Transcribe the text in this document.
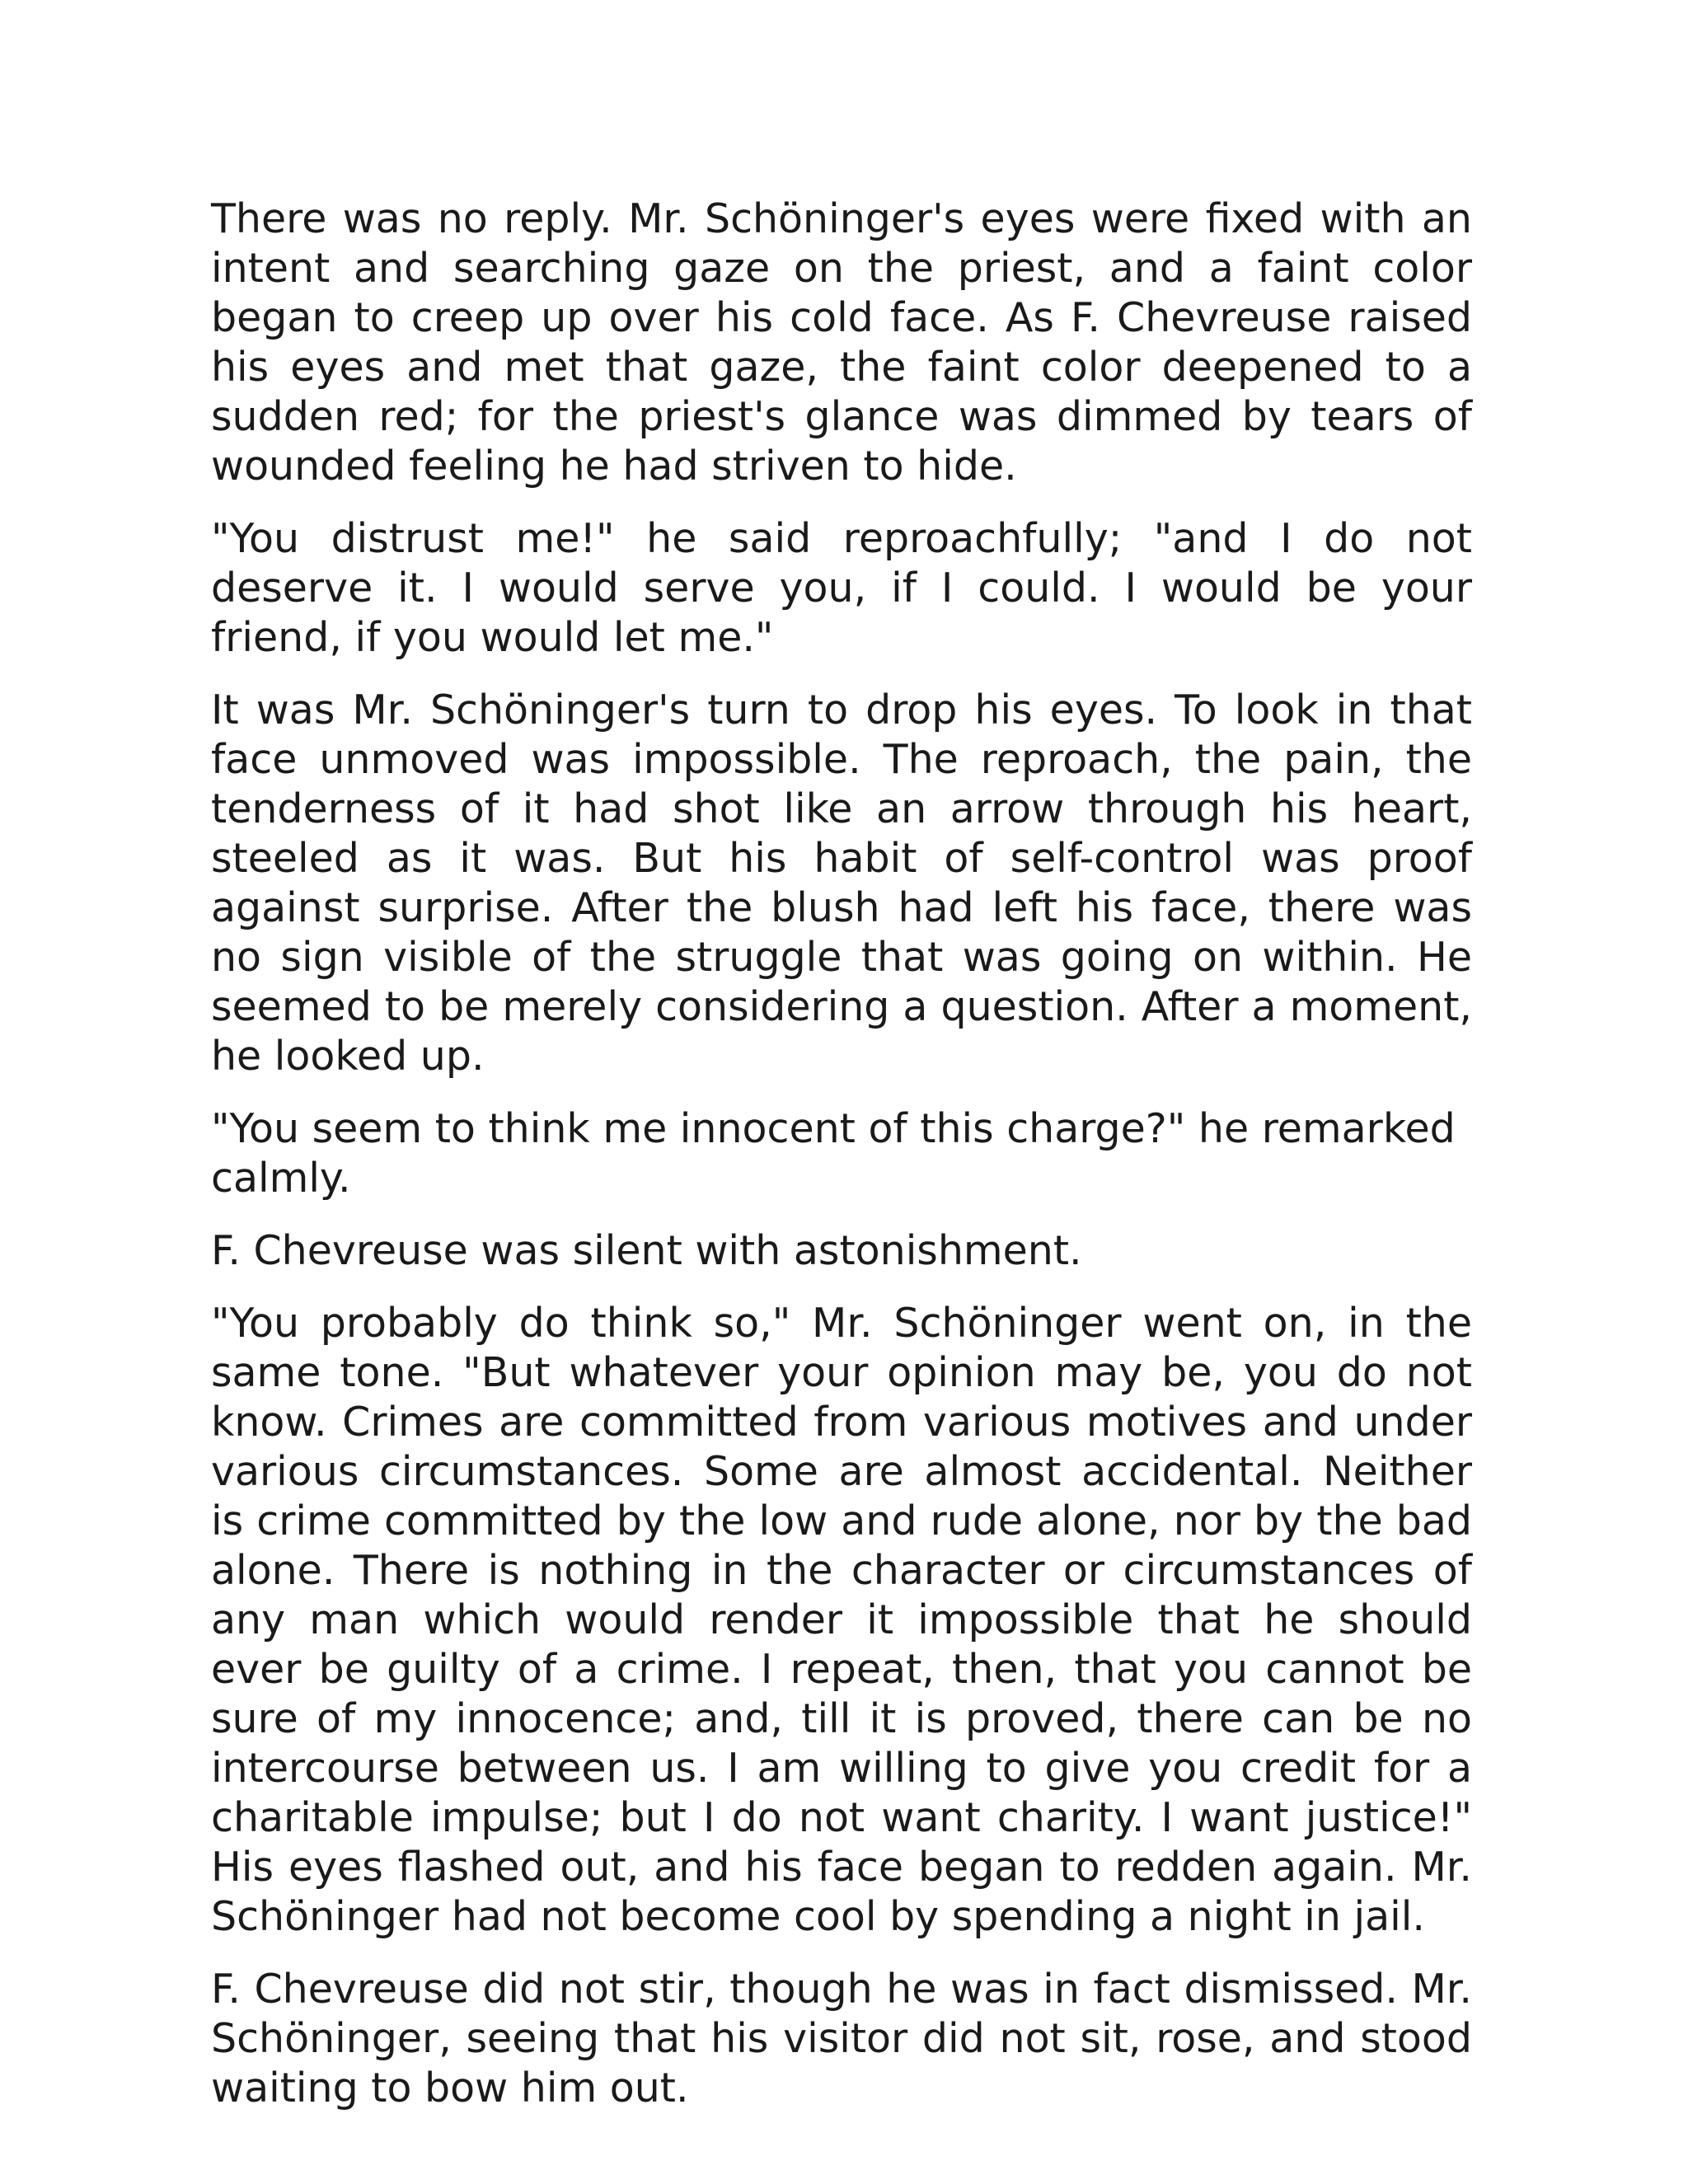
There was no reply. Mr. Schöninger's eyes were fixed with an intent and searching gaze on the priest, and a faint color began to creep up over his cold face. As F. Chevreuse raised his eyes and met that gaze, the faint color deepened to a sudden red; for the priest's glance was dimmed by tears of wounded feeling he had striven to hide.

"You distrust me!" he said reproachfully; "and I do not deserve it. I would serve you, if I could. I would be your friend, if you would let me."

It was Mr. Schöninger's turn to drop his eyes. To look in that face unmoved was impossible. The reproach, the pain, the tenderness of it had shot like an arrow through his heart, steeled as it was. But his habit of self-control was proof against surprise. After the blush had left his face, there was no sign visible of the struggle that was going on within. He seemed to be merely considering a question. After a moment, he looked up.

"You seem to think me innocent of this charge?" he remarked calmly.

F. Chevreuse was silent with astonishment.

"You probably do think so," Mr. Schöninger went on, in the same tone. "But whatever your opinion may be, you do not know. Crimes are committed from various motives and under various circumstances. Some are almost accidental. Neither is crime committed by the low and rude alone, nor by the bad alone. There is nothing in the character or circumstances of any man which would render it impossible that he should ever be guilty of a crime. I repeat, then, that you cannot be sure of my innocence; and, till it is proved, there can be no intercourse between us. I am willing to give you credit for a charitable impulse; but I do not want charity. I want justice!" His eyes flashed out, and his face began to redden again. Mr. Schöninger had not become cool by spending a night in jail.

F. Chevreuse did not stir, though he was in fact dismissed. Mr. Schöninger, seeing that his visitor did not sit, rose, and stood waiting to bow him out.
